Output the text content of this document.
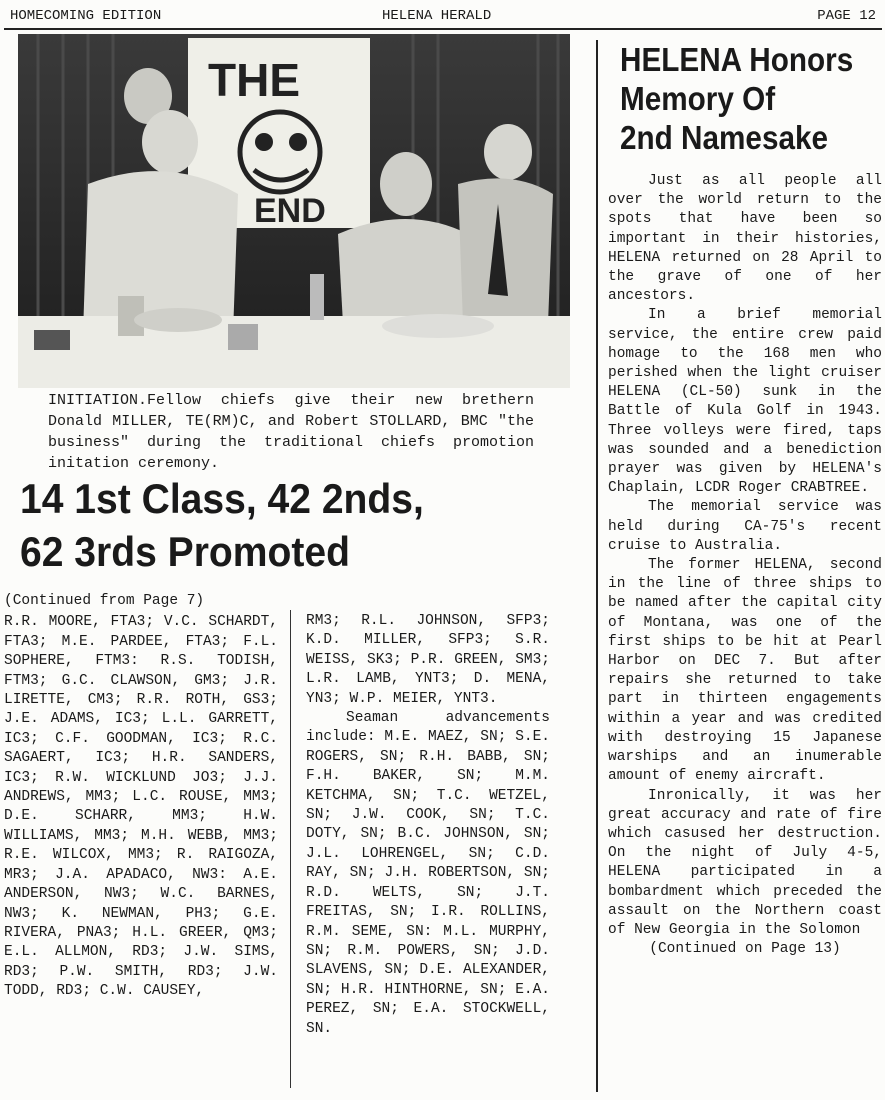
HOMECOMING EDITION	HELENA HERALD	PAGE 12
THE
END

INITIATION.Fellow chiefs give their new brethern Donald MILLER, TE(RM)C, and Robert STOLLARD, BMC "the business" during the traditional chiefs promotion initation ceremony.

14 1st Class, 42 2nds,
62 3rds Promoted

(Continued from Page 7)

R.R. MOORE, FTA3; V.C. SCHARDT, FTA3; M.E. PARDEE, FTA3; F.L. SOPHERE, FTM3: R.S. TODISH, FTM3; G.C. CLAWSON, GM3; J.R. LIRETTE, CM3; R.R. ROTH, GS3; J.E. ADAMS, IC3; L.L. GARRETT, IC3; C.F. GOODMAN, IC3; R.C. SAGAERT, IC3; H.R. SANDERS, IC3; R.W. WICKLUND JO3; J.J. ANDREWS, MM3; L.C. ROUSE, MM3; D.E. SCHARR, MM3; H.W. WILLIAMS, MM3; M.H. WEBB, MM3; R.E. WILCOX, MM3; R. RAIGOZA, MR3; J.A. APADACO, NW3: A.E. ANDERSON, NW3; W.C. BARNES, NW3; K. NEWMAN, PH3; G.E. RIVERA, PNA3; H.L. GREER, QM3; E.L. ALLMON, RD3; J.W. SIMS, RD3; P.W. SMITH, RD3; J.W. TODD, RD3; C.W. CAUSEY,

RM3; R.L. JOHNSON, SFP3; K.D. MILLER, SFP3; S.R. WEISS, SK3; P.R. GREEN, SM3; L.R. LAMB, YNT3; D. MENA, YN3; W.P. MEIER, YNT3.

Seaman advancements include: M.E. MAEZ, SN; S.E. ROGERS, SN; R.H. BABB, SN; F.H. BAKER, SN; M.M. KETCHMA, SN; T.C. WETZEL, SN; J.W. COOK, SN; T.C. DOTY, SN; B.C. JOHNSON, SN; J.L. LOHRENGEL, SN; C.D. RAY, SN; J.H. ROBERTSON, SN; R.D. WELTS, SN; J.T. FREITAS, SN; I.R. ROLLINS, R.M. SEME, SN: M.L. MURPHY, SN; R.M. POWERS, SN; J.D. SLAVENS, SN; D.E. ALEXANDER, SN; H.R. HINTHORNE, SN; E.A. PEREZ, SN; E.A. STOCKWELL, SN.

HELENA Honors
Memory Of
2nd Namesake

Just as all people all over the world return to the spots that have been so important in their histories, HELENA returned on 28 April to the grave of one of her ancestors.

In a brief memorial service, the entire crew paid homage to the 168 men who perished when the light cruiser HELENA (CL-50) sunk in the Battle of Kula Golf in 1943. Three volleys were fired, taps was sounded and a benediction prayer was given by HELENA's Chaplain, LCDR Roger CRABTREE.

The memorial service was held during CA-75's recent cruise to Australia.

The former HELENA, second in the line of three ships to be named after the capital city of Montana, was one of the first ships to be hit at Pearl Harbor on DEC 7. But after repairs she returned to take part in thirteen engagements within a year and was credited with destroying 15 Japanese warships and an inumerable amount of enemy aircraft.

Inronically, it was her great accuracy and rate of fire which casused her destruction. On the night of July 4-5, HELENA participated in a bombardment which preceded the assault on the Northern coast of New Georgia in the Solomon

(Continued on Page 13)
